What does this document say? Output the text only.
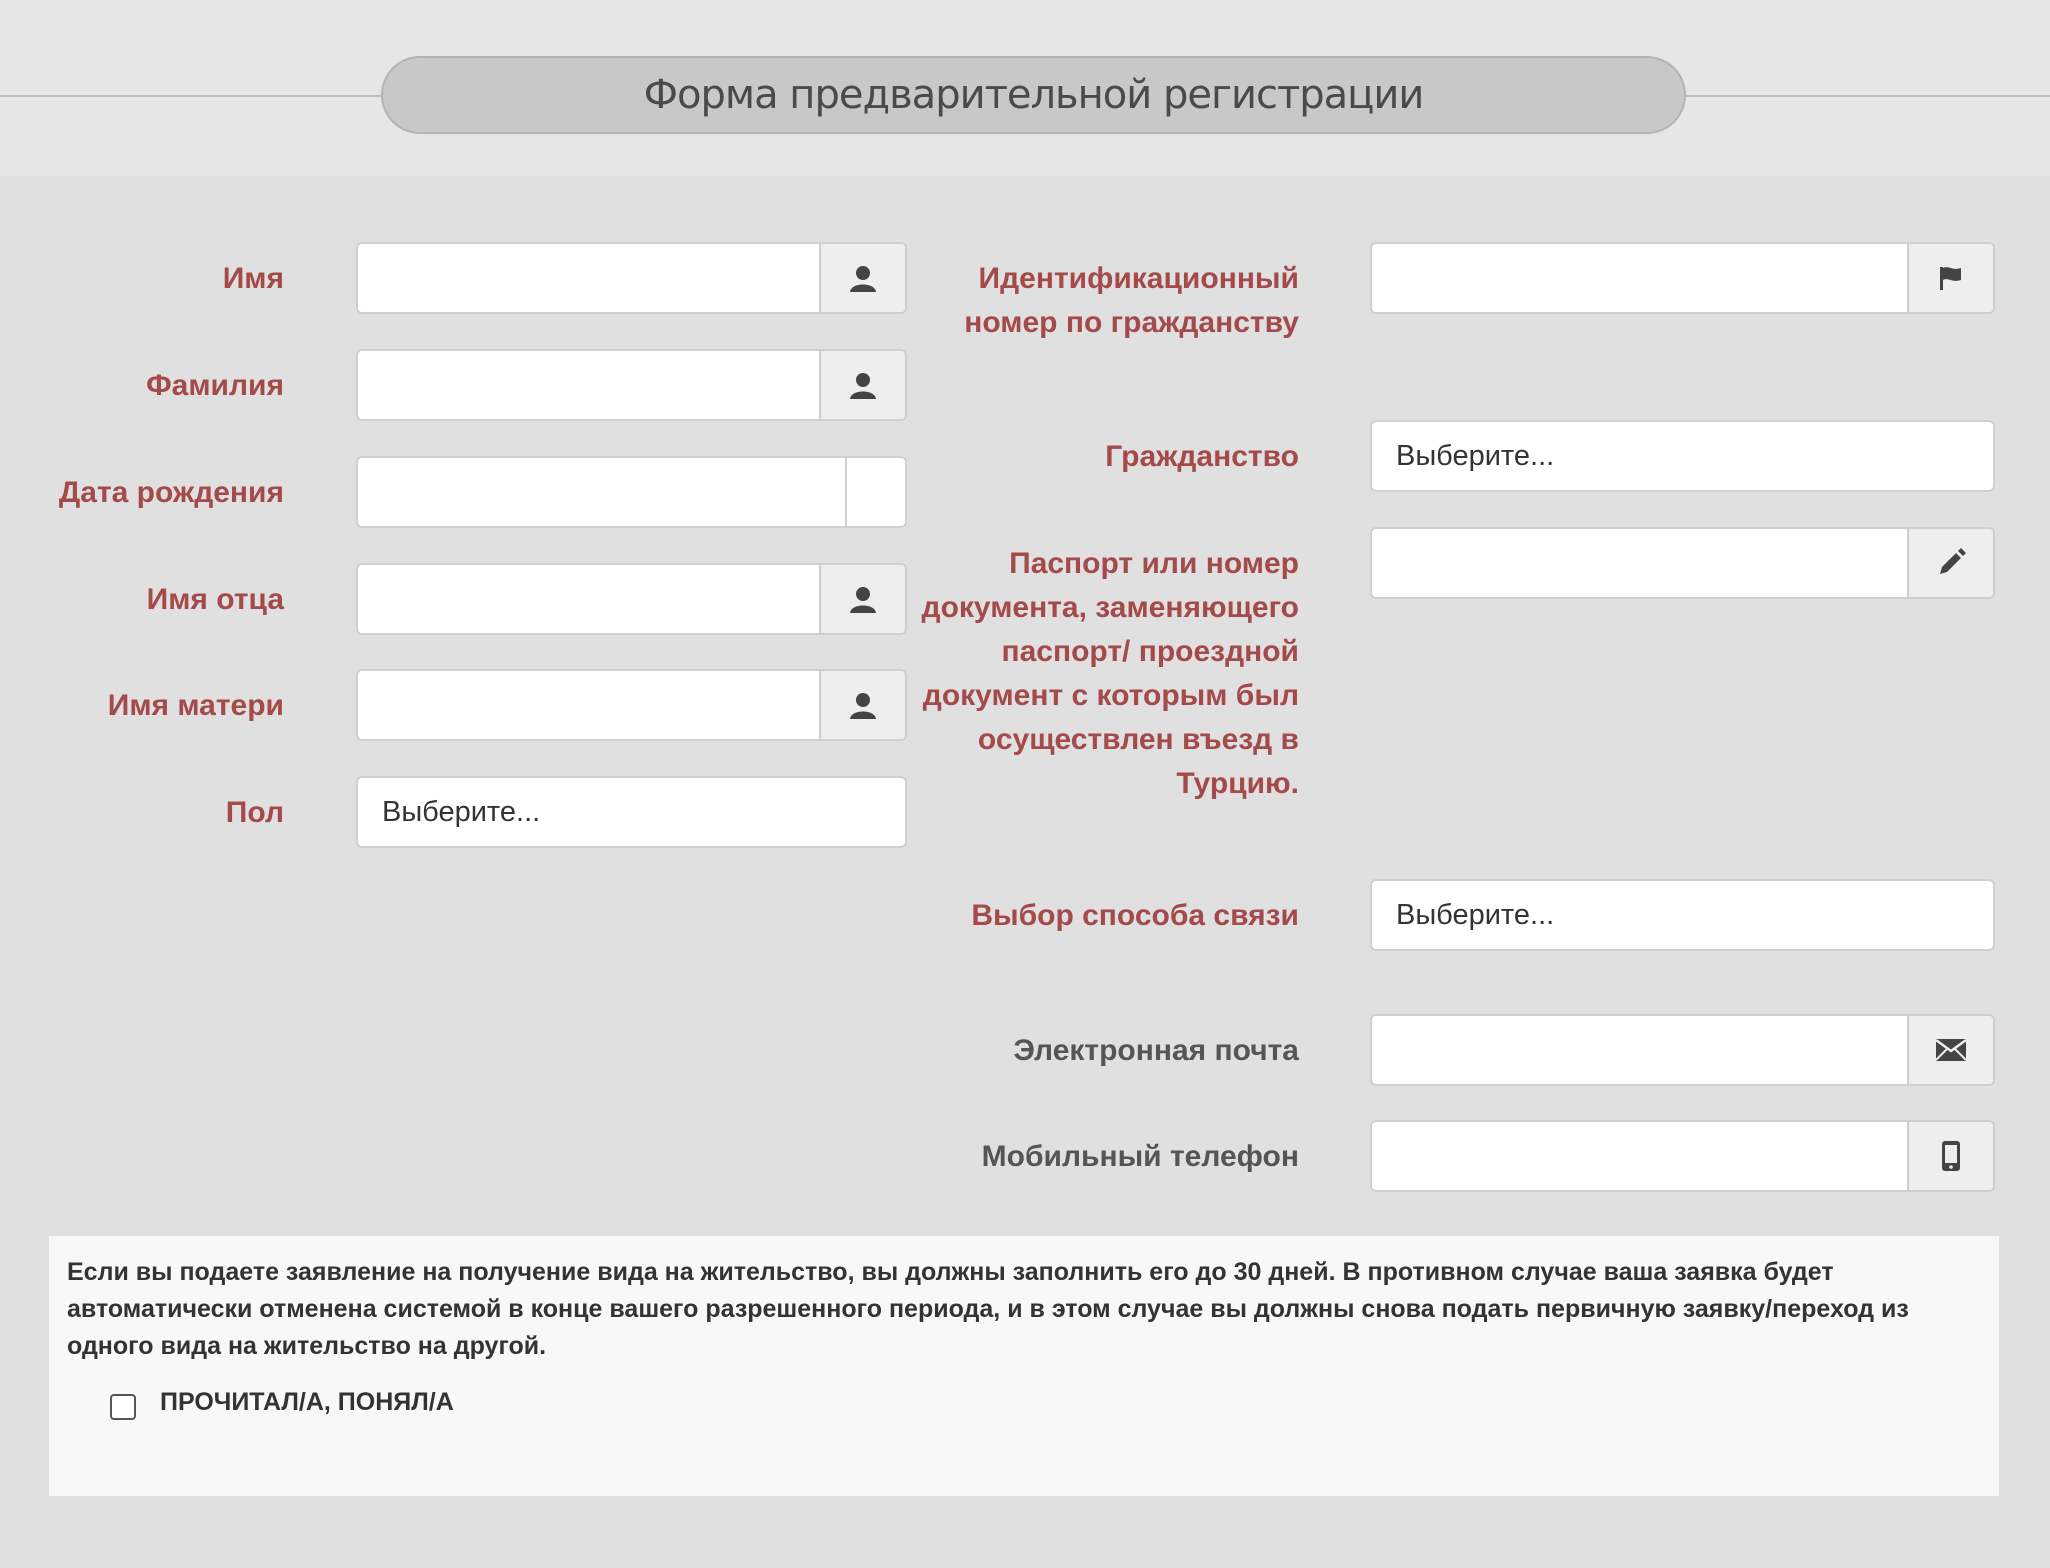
Форма предварительной регистрации
Имя
Фамилия
Дата рождения
Имя отца
Имя матери
Пол	Выберите...
Идентификационный номер по гражданству
Гражданство	Выберите...
Паспорт или номер документа, заменяющего паспорт/ проездной документ с которым был осуществлен въезд в Турцию.
Выбор способа связи	Выберите...
Электронная почта
Мобильный телефон
Если вы подаете заявление на получение вида на жительство, вы должны заполнить его до 30 дней. В противном случае ваша заявка будет автоматически отменена системой в конце вашего разрешенного периода, и в этом случае вы должны снова подать первичную заявку/переход из одного вида на жительство на другой.
ПРОЧИТАЛ/А, ПОНЯЛ/А
